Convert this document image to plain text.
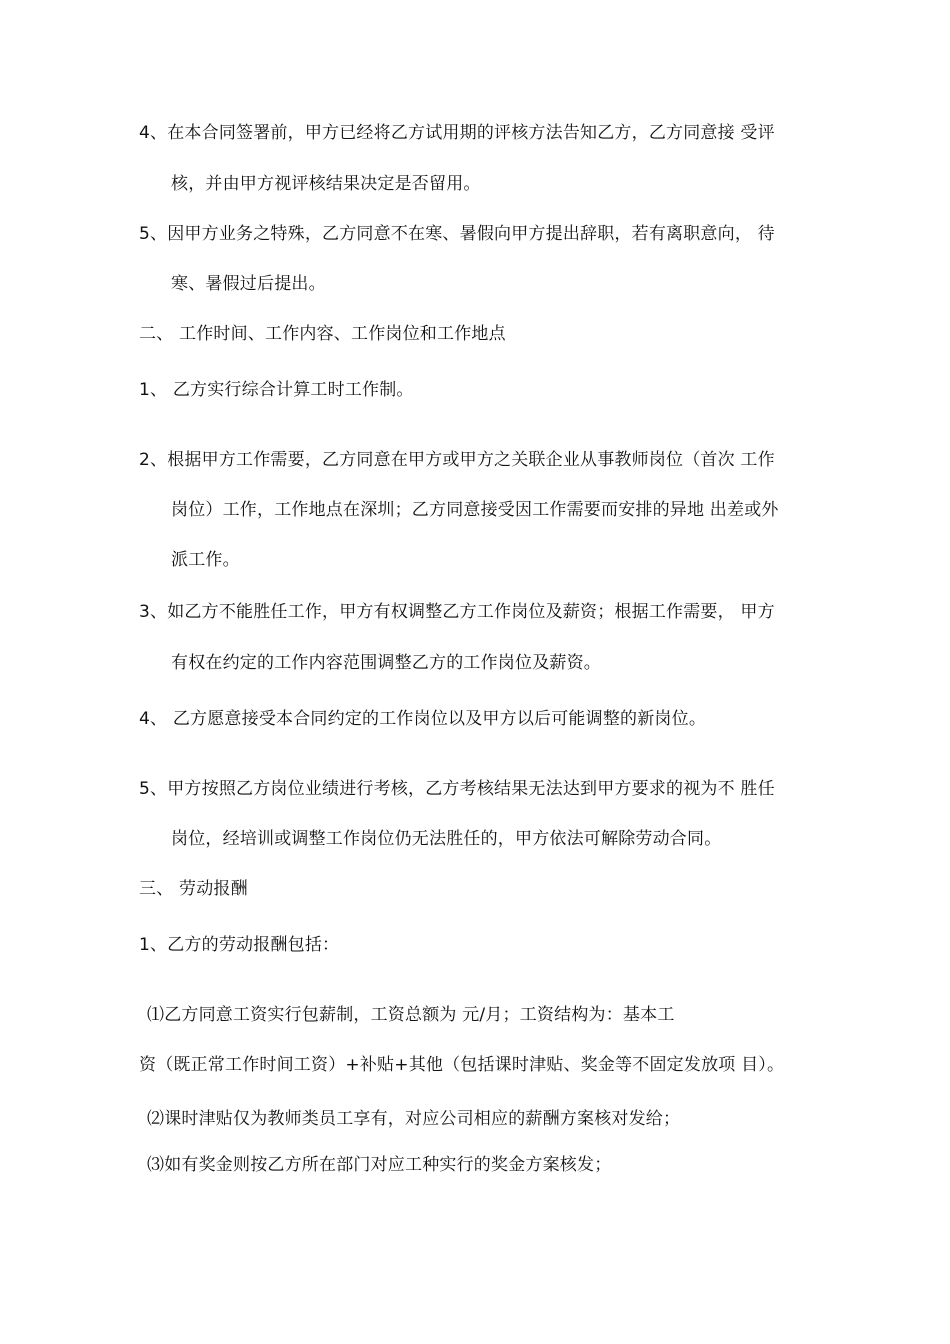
4、在本合同签署前，甲方已经将乙方试用期的评核方法告知乙方，乙方同意接 受评
核，并由甲方视评核结果决定是否留用。
5、因甲方业务之特殊，乙方同意不在寒、暑假向甲方提出辞职，若有离职意向， 待
寒、暑假过后提出。
二、 工作时间、工作内容、工作岗位和工作地点
1、 乙方实行综合计算工时工作制。
2、根据甲方工作需要，乙方同意在甲方或甲方之关联企业从事教师岗位（首次 工作
岗位）工作，工作地点在深圳；乙方同意接受因工作需要而安排的异地 出差或外
派工作。
3、如乙方不能胜任工作，甲方有权调整乙方工作岗位及薪资；根据工作需要， 甲方
有权在约定的工作内容范围调整乙方的工作岗位及薪资。
4、 乙方愿意接受本合同约定的工作岗位以及甲方以后可能调整的新岗位。
5、甲方按照乙方岗位业绩进行考核，乙方考核结果无法达到甲方要求的视为不 胜任
岗位，经培训或调整工作岗位仍无法胜任的，甲方依法可解除劳动合同。
三、 劳动报酬
1、乙方的劳动报酬包括：
⑴乙方同意工资实行包薪制，工资总额为 元/月；工资结构为：基本工
资（既正常工作时间工资）+补贴+其他（包括课时津贴、奖金等不固定发放项 目）。
⑵课时津贴仅为教师类员工享有，对应公司相应的薪酬方案核对发给；
⑶如有奖金则按乙方所在部门对应工种实行的奖金方案核发；
